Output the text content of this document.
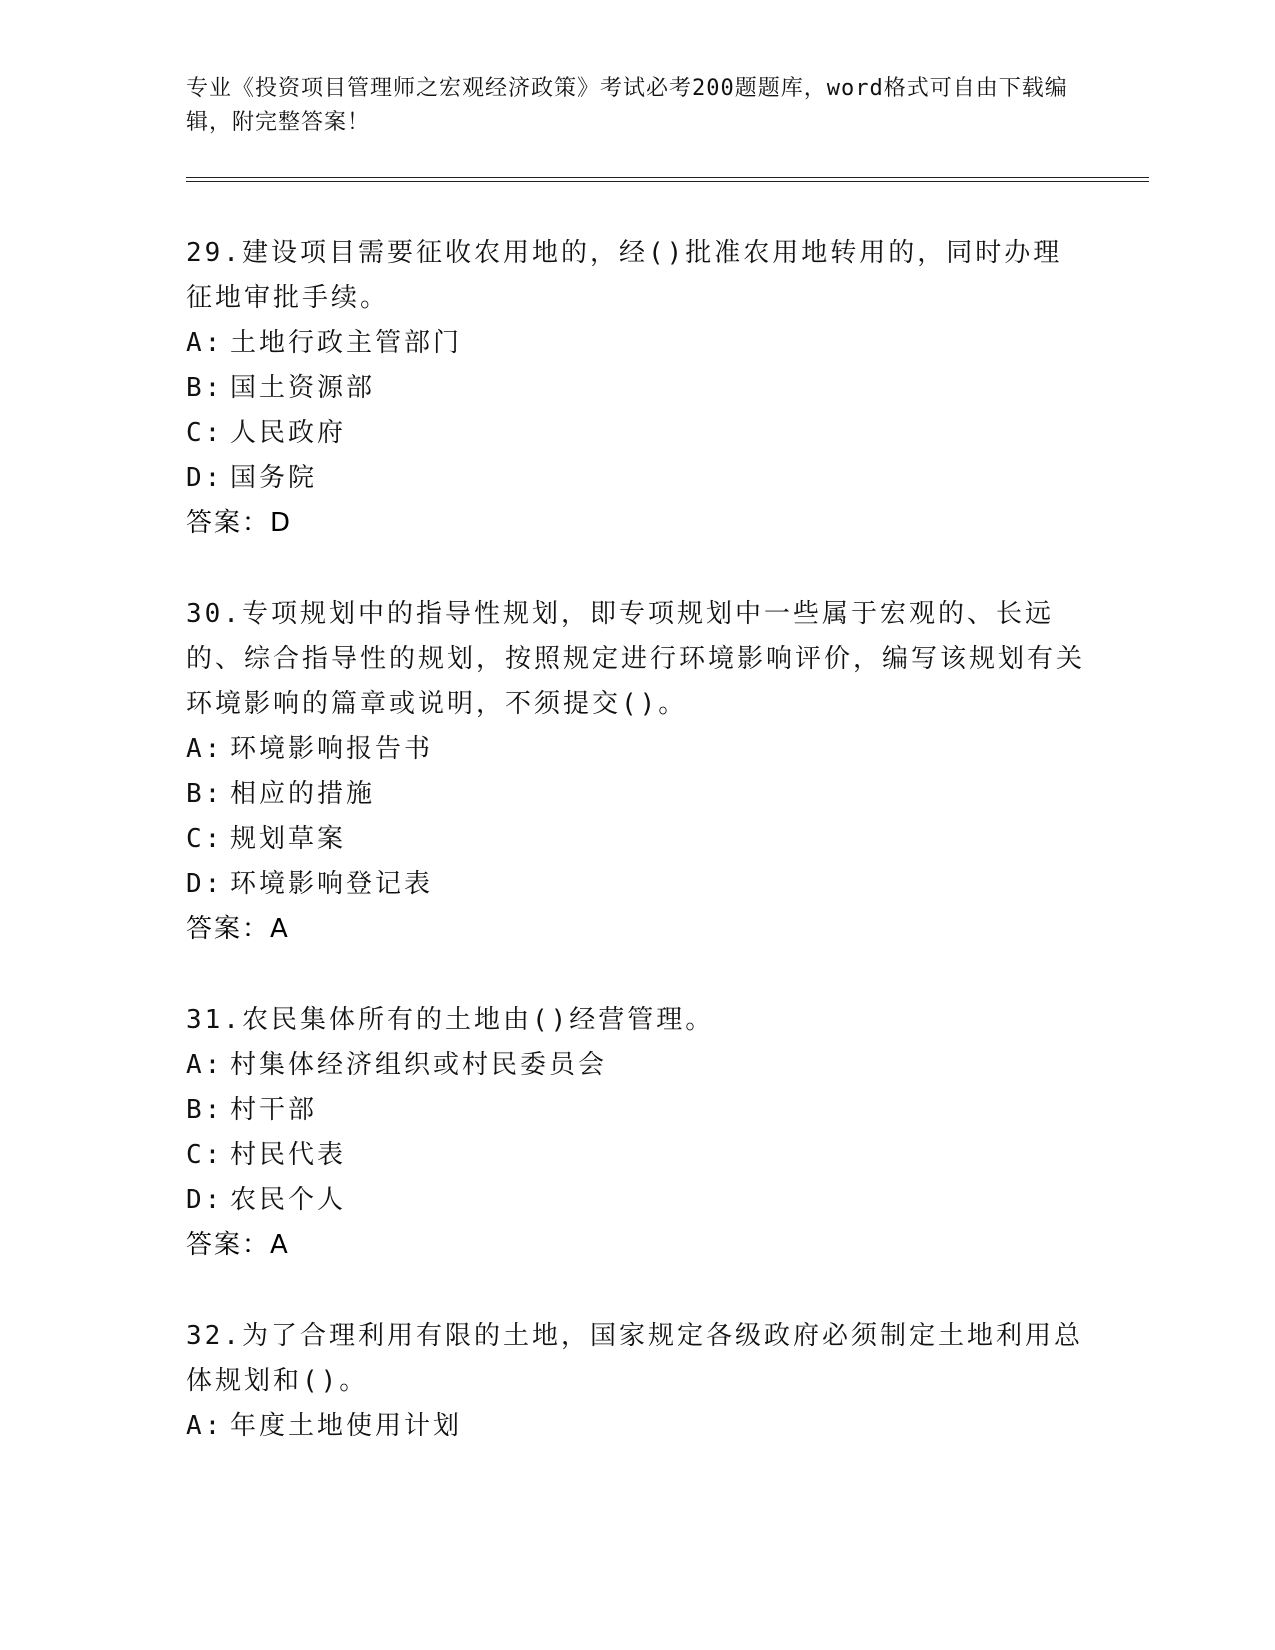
专业《投资项目管理师之宏观经济政策》考试必考200题题库，word格式可自由下载编辑，附完整答案！
29.建设项目需要征收农用地的，经()批准农用地转用的，同时办理征地审批手续。
A: 土地行政主管部门
B: 国土资源部
C: 人民政府
D: 国务院
答案：D
30.专项规划中的指导性规划，即专项规划中一些属于宏观的、长远的、综合指导性的规划，按照规定进行环境影响评价，编写该规划有关环境影响的篇章或说明，不须提交()。
A: 环境影响报告书
B: 相应的措施
C: 规划草案
D: 环境影响登记表
答案：A
31.农民集体所有的土地由()经营管理。
A: 村集体经济组织或村民委员会
B: 村干部
C: 村民代表
D: 农民个人
答案：A
32.为了合理利用有限的土地，国家规定各级政府必须制定土地利用总体规划和()。
A: 年度土地使用计划
